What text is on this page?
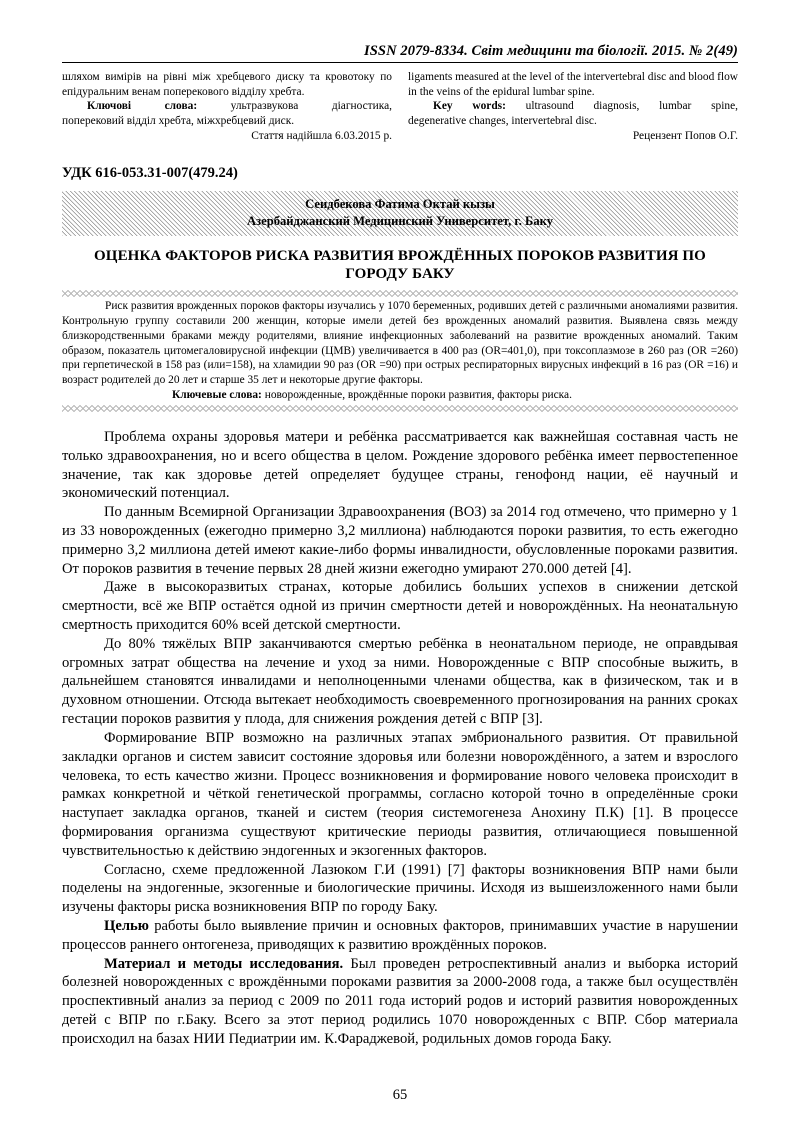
ISSN 2079-8334. Світ медицини та біології. 2015. № 2(49)

шляхом вимірів на рівні між хребцевого диску та кровотоку по епідуральним венам поперекового відділу хребта.

Ключові слова:	ультразвукова діагностика,

поперековий відділ хребта, міжхребцевий диск.

Стаття надійшла 6.03.2015 р.

ligaments measured at the level of the intervertebral disc and blood flow in the veins of the epidural lumbar spine.

Key words: ultrasound diagnosis, lumbar spine,

degenerative changes, intervertebral disc.

Рецензент Попов О.Г.

УДК 616-053.31-007(479.24)
Сеидбекова Фатима Октай кызы
Азербайджанский Медицинский Университет, г. Баку
ОЦЕНКА ФАКТОРОВ РИСКА РАЗВИТИЯ ВРОЖДЁННЫХ ПОРОКОВ РАЗВИТИЯ ПО ГОРОДУ БАКУ

Риск развития врожденных пороков факторы изучались у 1070 беременных, родивших детей с различными аномалиями развития. Контрольную группу составили 200 женщин, которые имели детей без врожденных аномалий развития. Выявлена связь между близкородственными браками между родителями, влияние инфекционных заболеваний на развитие врожденных аномалий. Таким образом, показатель цитомегаловирусной инфекции (ЦМВ) увеличивается в 400 раз (OR=401,0), при токсоплазмозе в 260 раз (OR =260) при герпетической в 158 раз (или=158), на хламидии 90 раз (OR =90) при острых респираторных вирусных инфекций в 16 раз (OR =16) и возраст родителей до 20 лет и старше 35 лет и некоторые другие факторы.

Ключевые слова: новорожденные, врождённые пороки развития, факторы риска.

Проблема охраны здоровья матери и ребёнка рассматривается как важнейшая составная часть не только здравоохранения, но и всего общества в целом. Рождение здорового ребёнка имеет первостепенное значение, так как здоровье детей определяет будущее страны, генофонд нации, её научный и экономический потенциал.

По данным Всемирной Организации Здравоохранения (ВОЗ) за 2014 год отмечено, что примерно у 1 из 33 новорожденных (ежегодно примерно 3,2 миллиона) наблюдаются пороки развития, то есть ежегодно примерно 3,2 миллиона детей имеют какие-либо формы инвалидности, обусловленные пороками развития. От пороков развития в течение первых 28 дней жизни ежегодно умирают 270.000 детей [4].

Даже в высокоразвитых странах, которые добились больших успехов в снижении детской смертности, всё же ВПР остаётся одной из причин смертности детей и новорождённых. На неонатальную смертность приходится 60% всей детской смертности.

До 80% тяжёлых ВПР заканчиваются смертью ребёнка в неонатальном периоде, не оправдывая огромных затрат общества на лечение и уход за ними. Новорожденные с ВПР способные выжить, в дальнейшем становятся инвалидами и неполноценными членами общества, как в физическом, так и в духовном отношении. Отсюда вытекает необходимость своевременного прогнозирования на ранних сроках гестации пороков развития у плода, для снижения рождения детей с ВПР [3].

Формирование ВПР возможно на различных этапах эмбрионального развития. От правильной закладки органов и систем зависит состояние здоровья или болезни новорождённого, а затем и взрослого человека, то есть качество жизни. Процесс возникновения и формирование нового человека происходит в рамках конкретной и чёткой генетической программы, согласно которой точно в определённые сроки наступает закладка органов, тканей и систем (теория системогенеза Анохину П.К) [1]. В процессе формирования организма существуют критические периоды развития, отличающиеся повышенной чувствительностью к действию эндогенных и экзогенных факторов.

Согласно, схеме предложенной Лазюком Г.И (1991) [7] факторы возникновения ВПР нами были поделены на эндогенные, экзогенные и биологические причины. Исходя из вышеизложенного нами были изучены факторы риска возникновения ВПР по городу Баку.

Целью работы было выявление причин и основных факторов, принимавших участие в нарушении процессов раннего онтогенеза, приводящих к развитию врождённых пороков.

Материал и методы исследования. Был проведен ретроспективный анализ и выборка историй болезней новорожденных с врождёнными пороками развития за 2000-2008 года, а также был осуществлён проспективный анализ за период с 2009 по 2011 года историй родов и историй развития новорожденных детей с ВПР по г.Баку. Всего за этот период родились 1070 новорожденных с ВПР. Сбор материала происходил на базах НИИ Педиатрии им. К.Фараджевой, родильных домов города Баку.

65
